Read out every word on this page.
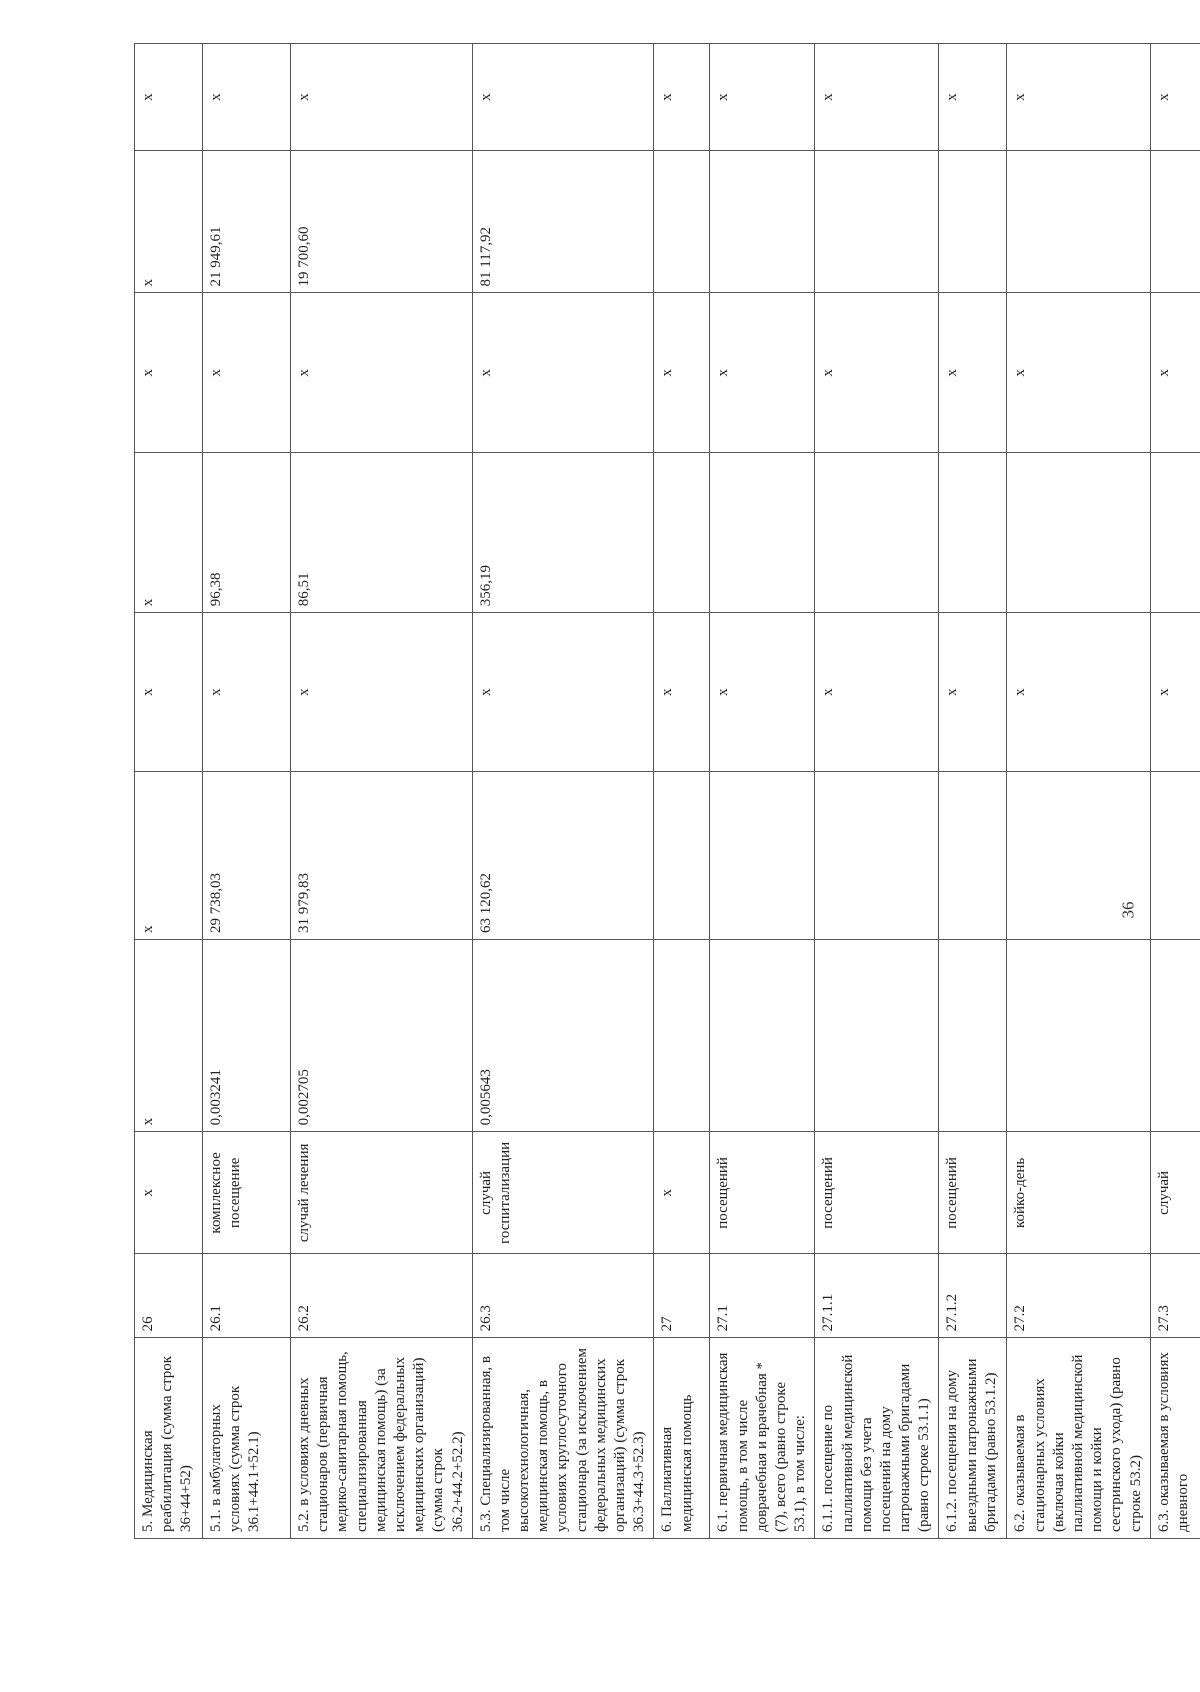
5. Медицинская реабилитация (сумма строк 36+44+52)	26	х	х	х	х	х	х	х	х
5.1. в амбулаторных условиях (сумма строк 36.1+44.1+52.1)	26.1	комплексное посещение	0,003241	29 738,03	х	96,38	х	21 949,61	х
5.2. в условиях дневных стационаров (первичная медико-санитарная помощь, специализированная медицинская помощь) (за исключением федеральных медицинских организаций) (сумма строк 36.2+44.2+52.2)	26.2	случай лечения	0,002705	31 979,83	х	86,51	х	19 700,60	х
5.3. Специализированная, в том числе высокотехнологичная, медицинская помощь, в условиях круглосуточного стационара (за исключением федеральных медицинских организаций) (сумма строк 36.3+44.3+52.3)	26.3	случай госпитализации	0,005643	63 120,62	х	356,19	х	81 117,92	х
6. Паллиативная медицинская помощь	27	х			х		х		х
6.1. первичная медицинская помощь, в том числе доврачебная и врачебная *(7), всего (равно строке 53.1), в том числе:	27.1	посещений			х		х		х
6.1.1. посещение по паллиативной медицинской помощи без учета посещений на дому патронажными бригадами (равно строке 53.1.1)	27.1.1	посещений			х		х		х
6.1.2. посещения на дому выездными патронажными бригадами (равно 53.1.2)	27.1.2	посещений			х		х		х
6.2. оказываемая в стационарных условиях (включая койки паллиативной медицинской помощи и койки сестринского ухода) (равно строке 53.2)	27.2	койко-день			х		х		х
6.3. оказываемая в условиях дневного	27.3	случай			х		х		х
36
